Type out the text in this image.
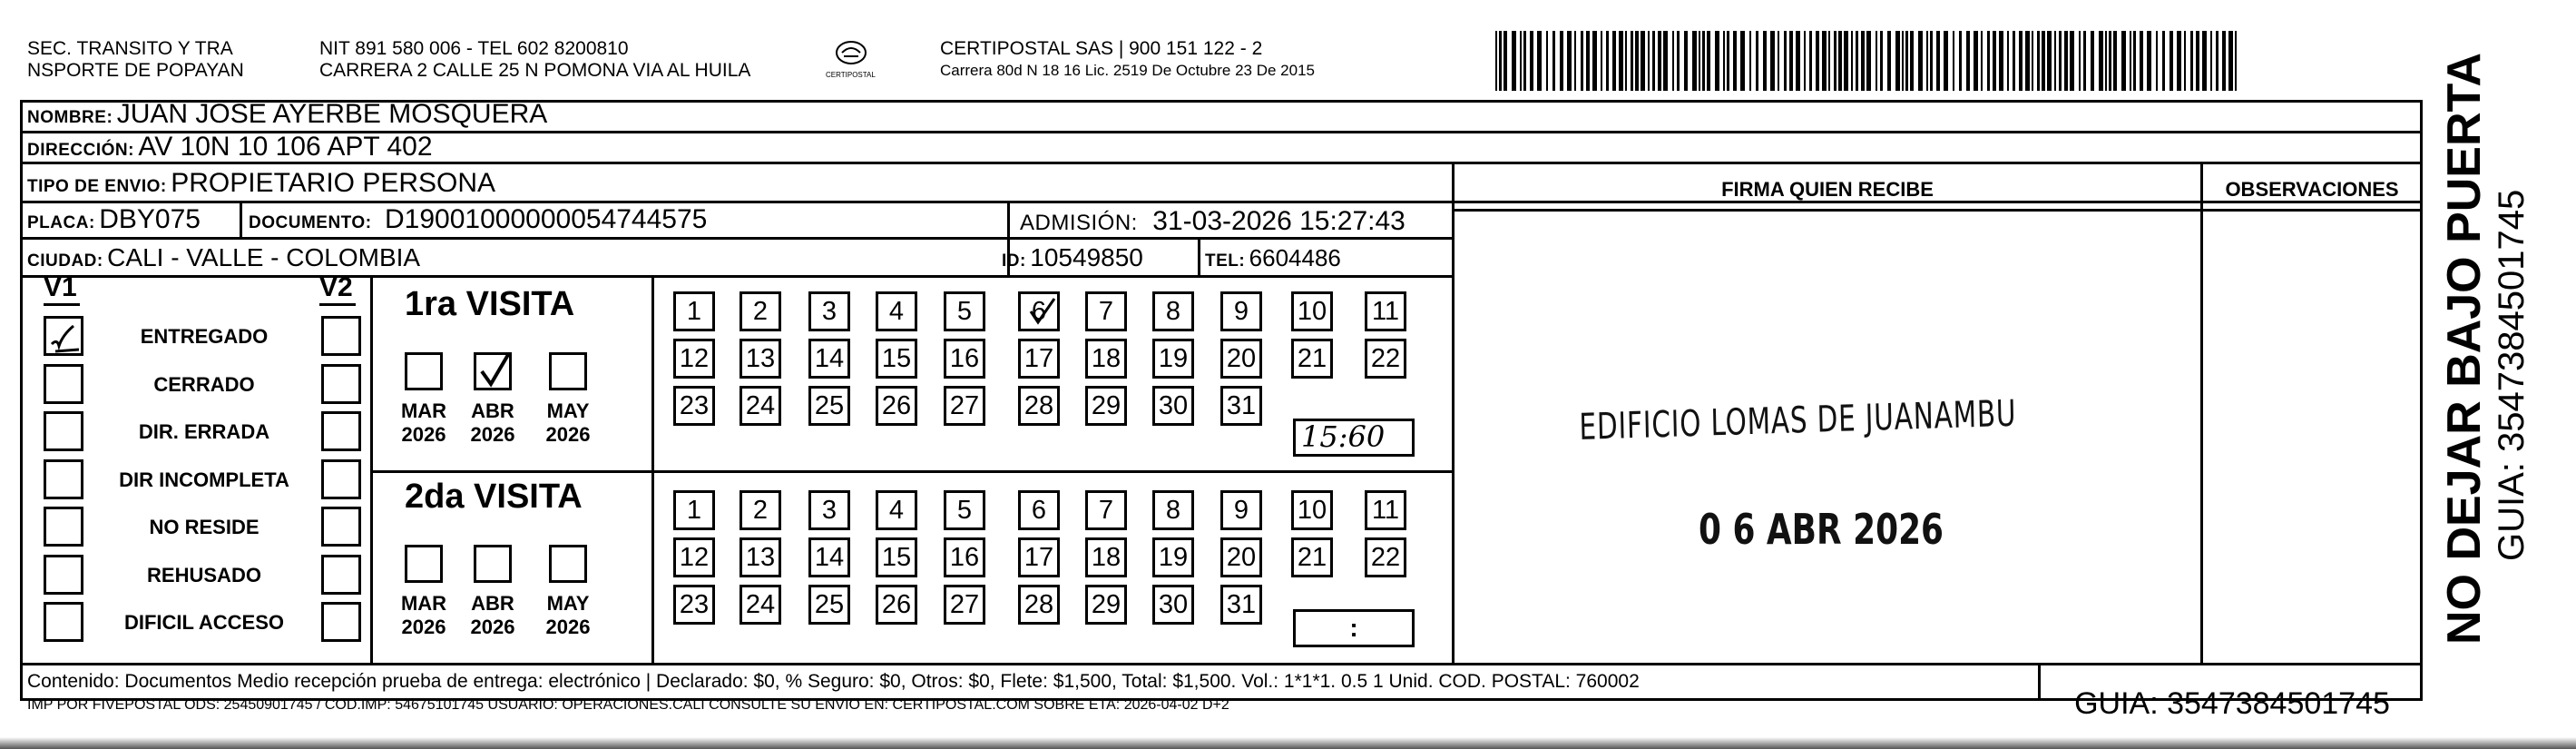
SEC. TRANSITO Y TRA
NSPORTE DE POPAYAN
NIT 891 580 006 - TEL 602 8200810
CARRERA 2 CALLE 25 N POMONA VIA AL HUILA	CERTIPOSTAL
CERTIPOSTAL SAS | 900 151 122 - 2
Carrera 80d N 18 16 Lic. 2519 De Octubre 23 De 2015
NOMBRE: JUAN JOSE AYERBE MOSQUERA
DIRECCIÓN: AV 10N 10 106 APT 402
TIPO DE ENVIO: PROPIETARIO PERSONA
PLACA: DBY075	DOCUMENTO: D19001000000054744575	ADMISIÓN: 31-03-2026 15:27:43
CIUDAD: CALI - VALLE - COLOMBIA	ID: 10549850	TEL: 6604486
FIRMA QUIEN RECIBE	OBSERVACIONES
V1	V2
ENTREGADO
CERRADO
DIR. ERRADA
DIR INCOMPLETA
NO RESIDE
REHUSADO
DIFICIL ACCESO
1ra VISITA
2da VISITA
MAR
2026
ABR
2026
MAY
2026
MAR
2026
ABR
2026
MAY
2026
1	2	3	4	5	6	7	8	9	10 11
12 13 14 15 16 17 18 19 20 21 22
23 24 25 26 27 28 29 30 31
1	2	3	4	5	6	7	8	9	10 11
12 13 14 15 16 17 18 19 20 21 22
23 24 25 26 27 28 29 30 31
15:60
:
EDIFICIO LOMAS DE JUANAMBU
0 6 ABR 2026
Contenido: Documentos Medio recepción prueba de entrega: electrónico | Declarado: $0, % Seguro: $0, Otros: $0, Flete: $1,500, Total: $1,500. Vol.: 1*1*1. 0.5 1 Unid. COD. POSTAL: 760002
IMP POR FIVEPOSTAL ODS: 25450901745 / COD.IMP: 54675101745 USUARIO: OPERACIONES.CALI CONSULTE SU ENVIO EN: CERTIPOSTAL.COM SOBRE ETA: 2026-04-02 D+2	GUIA: 3547384501745
NO DEJAR BAJO PUERTA GUIA: 3547384501745
